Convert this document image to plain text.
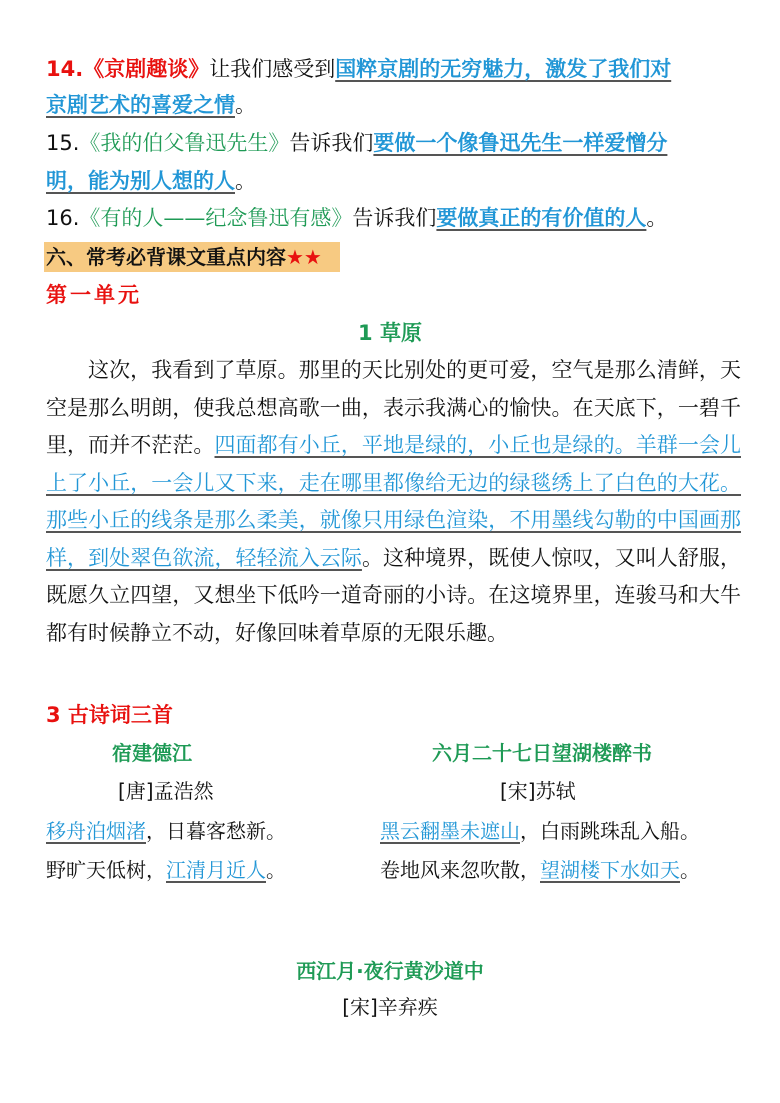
14.《京剧趣谈》让我们感受到国粹京剧的无穷魅力，激发了我们对
京剧艺术的喜爱之情。
15.《我的伯父鲁迅先生》告诉我们要做一个像鲁迅先生一样爱憎分
明，能为别人想的人。
16.《有的人——纪念鲁迅有感》告诉我们要做真正的有价值的人。
六、常考必背课文重点内容★★
第一单元
1 草原
这次，我看到了草原。那里的天比别处的更可爱，空气是那么清鲜，天空是那么明朗，使我总想高歌一曲，表示我满心的愉快。在天底下，一碧千里，而并不茫茫。四面都有小丘，平地是绿的，小丘也是绿的。羊群一会儿上了小丘，一会儿又下来，走在哪里都像给无边的绿毯绣上了白色的大花。那些小丘的线条是那么柔美，就像只用绿色渲染，不用墨线勾勒的中国画那样，到处翠色欲流，轻轻流入云际。这种境界，既使人惊叹，又叫人舒服，既愿久立四望，又想坐下低吟一道奇丽的小诗。在这境界里，连骏马和大牛都有时候静立不动，好像回味着草原的无限乐趣。
3 古诗词三首
宿建德江
[唐]孟浩然
移舟泊烟渚，日暮客愁新。
野旷天低树，江清月近人。
六月二十七日望湖楼醉书
[宋]苏轼
黑云翻墨未遮山，白雨跳珠乱入船。
卷地风来忽吹散，望湖楼下水如天。
西江月·夜行黄沙道中
[宋]辛弃疾
